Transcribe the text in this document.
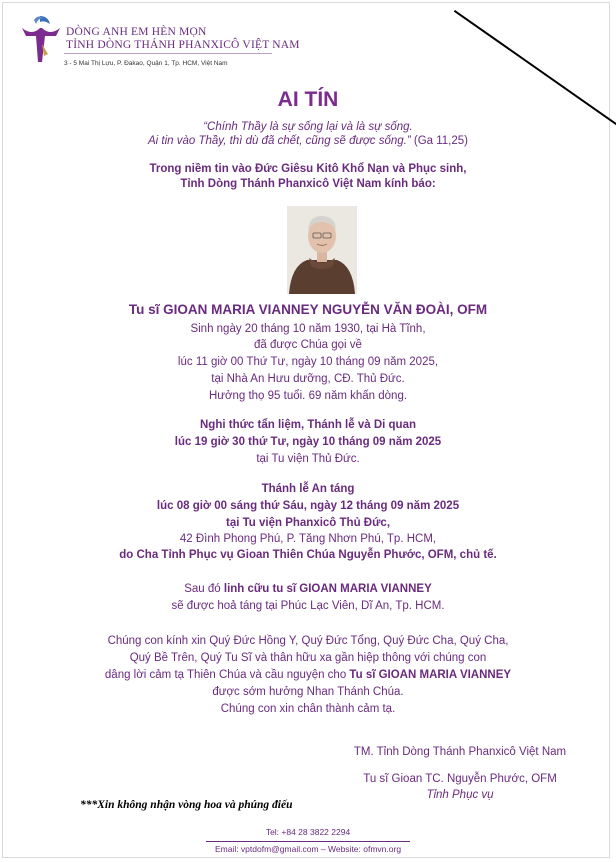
DÒNG ANH EM HÈN MỌN
TỈNH DÒNG THÁNH PHANXICÔ VIỆT NAM
3 - 5 Mai Thị Lựu, P. Đakao, Quận 1, Tp. HCM, Việt Nam
AI TÍN
“Chính Thầy là sự sống lại và là sự sống.
Ai tin vào Thầy, thì dù đã chết, cũng sẽ được sống.” (Ga 11,25)
Trong niềm tin vào Đức Giêsu Kitô Khổ Nạn và Phục sinh,
Tỉnh Dòng Thánh Phanxicô Việt Nam kính báo:
Tu sĩ GIOAN MARIA VIANNEY NGUYỄN VĂN ĐOÀI, OFM
Sinh ngày 20 tháng 10 năm 1930, tại Hà Tĩnh,
đã được Chúa gọi về
lúc 11 giờ 00 Thứ Tư, ngày 10 tháng 09 năm 2025,
tại Nhà An Hưu dưỡng, CĐ. Thủ Đức.
Hưởng thọ 95 tuổi. 69 năm khấn dòng.
Nghi thức tẩn liệm, Thánh lễ và Di quan
lúc 19 giờ 30 thứ Tư, ngày 10 tháng 09 năm 2025
tại Tu viện Thủ Đức.
Thánh lễ An táng
lúc 08 giờ 00 sáng thứ Sáu, ngày 12 tháng 09 năm 2025
tại Tu viện Phanxicô Thủ Đức,
42 Đình Phong Phú, P. Tăng Nhơn Phú, Tp. HCM,
do Cha Tỉnh Phục vụ Gioan Thiên Chúa Nguyễn Phước, OFM, chủ tế.
Sau đó linh cữu tu sĩ GIOAN MARIA VIANNEY
sẽ được hoả táng tại Phúc Lạc Viên, Dĩ An, Tp. HCM.
Chúng con kính xin Quý Đức Hồng Y, Quý Đức Tổng, Quý Đức Cha, Quý Cha,
Quý Bề Trên, Quý Tu Sĩ và thân hữu xa gần hiệp thông với chúng con
dâng lời cảm tạ Thiên Chúa và cầu nguyện cho Tu sĩ GIOAN MARIA VIANNEY
được sớm hưởng Nhan Thánh Chúa.
Chúng con xin chân thành cảm tạ.
TM. Tỉnh Dòng Thánh Phanxicô Việt Nam
Tu sĩ Gioan TC. Nguyễn Phước, OFM
Tỉnh Phục vụ
***Xin không nhận vòng hoa và phúng điếu
Tel: +84 28 3822 2294
Email: vptdofm@gmail.com – Website: ofmvn.org
